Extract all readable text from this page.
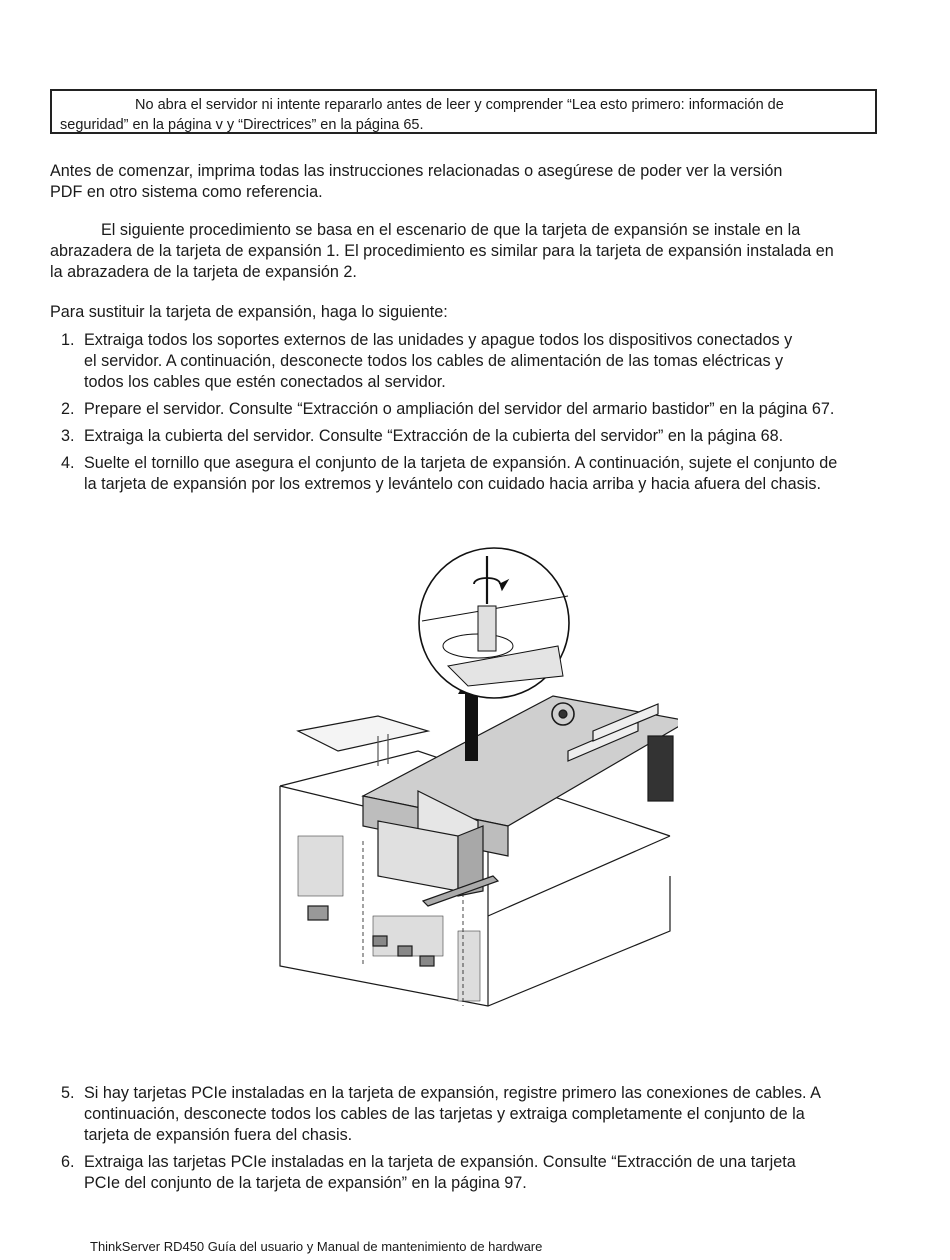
No abra el servidor ni intente repararlo antes de leer y comprender “Lea esto primero: información de
seguridad” en la página v y “Directrices” en la página 65.
Antes de comenzar, imprima todas las instrucciones relacionadas o asegúrese de poder ver la versión
PDF en otro sistema como referencia.
El siguiente procedimiento se basa en el escenario de que la tarjeta de expansión se instale en la
abrazadera de la tarjeta de expansión 1. El procedimiento es similar para la tarjeta de expansión instalada en
la abrazadera de la tarjeta de expansión 2.
Para sustituir la tarjeta de expansión, haga lo siguiente:
1. Extraiga todos los soportes externos de las unidades y apague todos los dispositivos conectados y
el servidor. A continuación, desconecte todos los cables de alimentación de las tomas eléctricas y
todos los cables que estén conectados al servidor.
2. Prepare el servidor. Consulte “Extracción o ampliación del servidor del armario bastidor” en la página 67.
3. Extraiga la cubierta del servidor. Consulte “Extracción de la cubierta del servidor” en la página 68.
4. Suelte el tornillo que asegura el conjunto de la tarjeta de expansión. A continuación, sujete el conjunto de
la tarjeta de expansión por los extremos y levántelo con cuidado hacia arriba y hacia afuera del chasis.
5. Si hay tarjetas PCIe instaladas en la tarjeta de expansión, registre primero las conexiones de cables. A
continuación, desconecte todos los cables de las tarjetas y extraiga completamente el conjunto de la
tarjeta de expansión fuera del chasis.
6. Extraiga las tarjetas PCIe instaladas en la tarjeta de expansión. Consulte “Extracción de una tarjeta
PCIe del conjunto de la tarjeta de expansión” en la página 97.
ThinkServer RD450 Guía del usuario y Manual de mantenimiento de hardware
